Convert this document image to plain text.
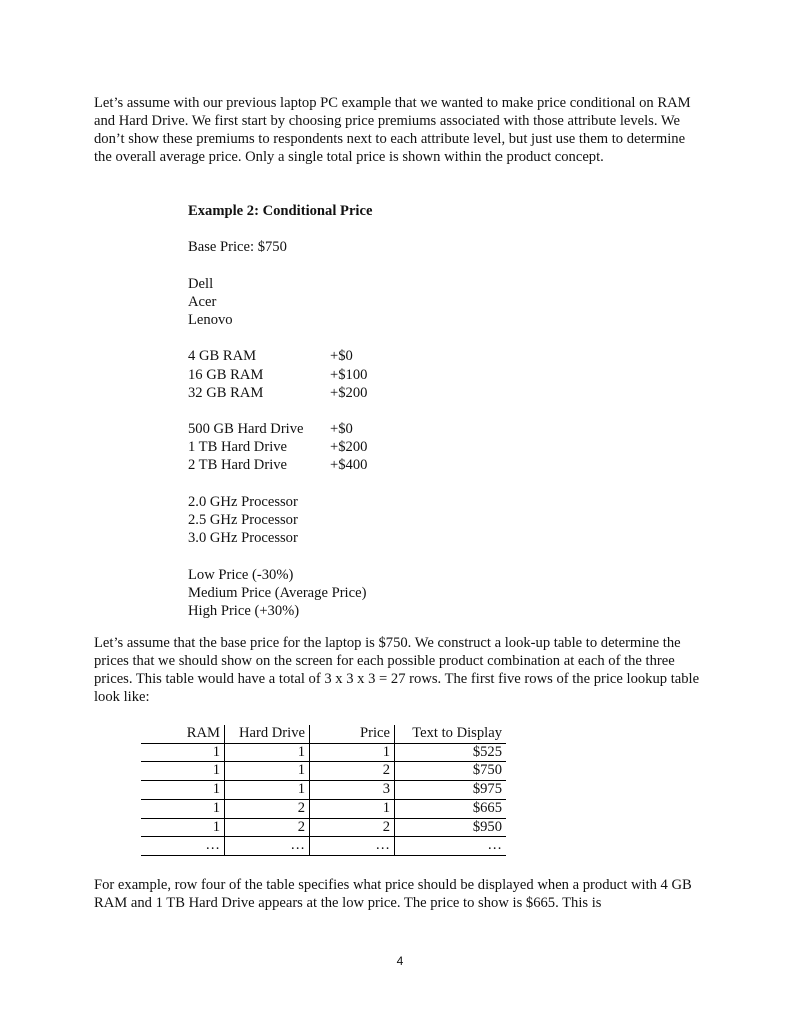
Let’s assume with our previous laptop PC example that we wanted to make price conditional on RAM and Hard Drive. We first start by choosing price premiums associated with those attribute levels. We don’t show these premiums to respondents next to each attribute level, but just use them to determine the overall average price. Only a single total price is shown within the product concept.

Example 2: Conditional Price
Base Price: $750
Dell
Acer
Lenovo
4 GB RAM	+$0
16 GB RAM	+$100
32 GB RAM	+$200
500 GB Hard Drive +$0
1 TB Hard Drive	+$200
2 TB Hard Drive	+$400
2.0 GHz Processor
2.5 GHz Processor
3.0 GHz Processor
Low Price (-30%)
Medium Price (Average Price)
High Price (+30%)

Let’s assume that the base price for the laptop is $750. We construct a look-up table to determine the prices that we should show on the screen for each possible product combination at each of the three prices. This table would have a total of 3 x 3 x 3 = 27 rows. The first five rows of the price lookup table look like:

RAM	Hard Drive	Price	Text to Display
1	1	1	$525
1	1	2	$750
1	1	3	$975
1	2	1	$665
1	2	2	$950
…	…	…	…

For example, row four of the table specifies what price should be displayed when a product with 4 GB RAM and 1 TB Hard Drive appears at the low price. The price to show is $665. This is

4
